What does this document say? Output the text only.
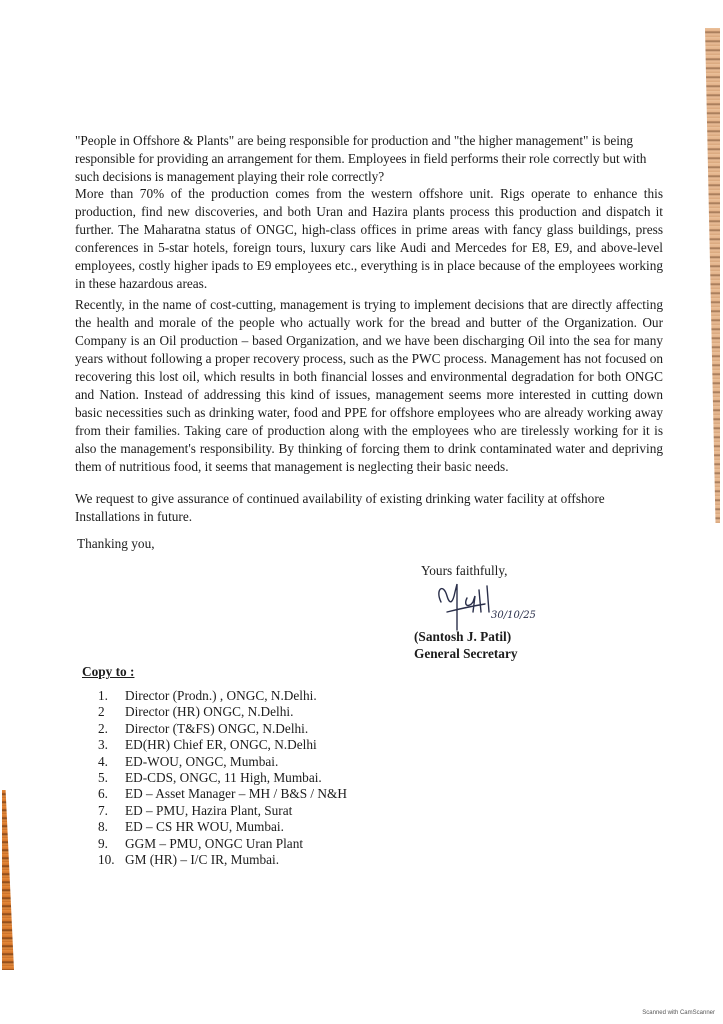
"People in Offshore & Plants" are being responsible for production and "the higher management" is being responsible for providing an arrangement for them. Employees in field performs their role correctly but with such decisions is management playing their role correctly?

More than 70% of the production comes from the western offshore unit. Rigs operate to enhance this production, find new discoveries, and both Uran and Hazira plants process this production and dispatch it further. The Maharatna status of ONGC, high-class offices in prime areas with fancy glass buildings, press conferences in 5-star hotels, foreign tours, luxury cars like Audi and Mercedes for E8, E9, and above-level employees, costly higher ipads to E9 employees etc., everything is in place because of the employees working in these hazardous areas.

Recently, in the name of cost-cutting, management is trying to implement decisions that are directly affecting the health and morale of the people who actually work for the bread and butter of the Organization. Our Company is an Oil production – based Organization, and we have been discharging Oil into the sea for many years without following a proper recovery process, such as the PWC process. Management has not focused on recovering this lost oil, which results in both financial losses and environmental degradation for both ONGC and Nation. Instead of addressing this kind of issues, management seems more interested in cutting down basic necessities such as drinking water, food and PPE for offshore employees who are already working away from their families. Taking care of production along with the employees who are tirelessly working for it is also the management's responsibility. By thinking of forcing them to drink contaminated water and depriving them of nutritious food, it seems that management is neglecting their basic needs.

We request to give assurance of continued availability of existing drinking water facility at offshore Installations in future.

Thanking you,
Yours faithfully,
30/10/25
(Santosh J. Patil)
General Secretary
Copy to :
1.	Director (Prodn.) , ONGC, N.Delhi.
2	Director (HR) ONGC, N.Delhi.
2.	Director (T&FS) ONGC, N.Delhi.
3.	ED(HR) Chief ER, ONGC, N.Delhi
4.	ED-WOU, ONGC, Mumbai.
5.	ED-CDS, ONGC, 11 High, Mumbai.
6.	ED – Asset Manager – MH / B&S / N&H
7.	ED – PMU, Hazira Plant, Surat
8.	ED – CS HR WOU, Mumbai.
9.	GGM – PMU, ONGC Uran Plant
10. GM (HR) – I/C IR, Mumbai.
Scanned with CamScanner
